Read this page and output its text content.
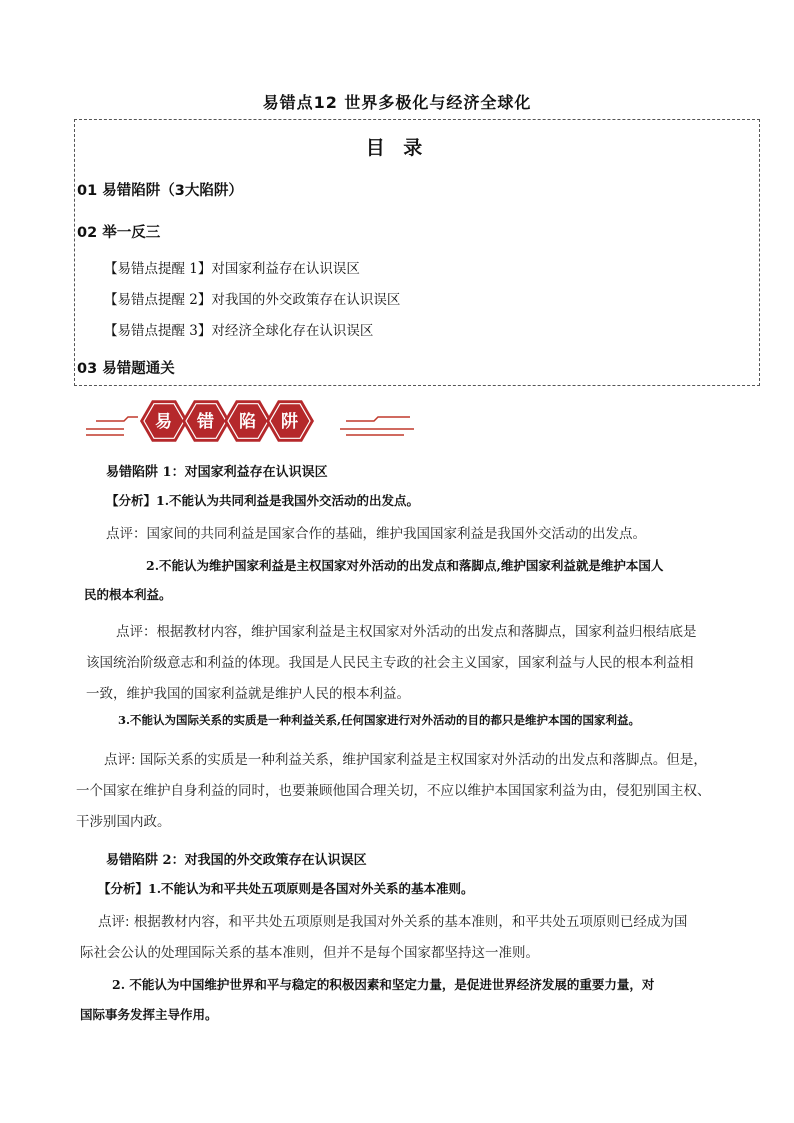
易错点12 世界多极化与经济全球化
目 录
01 易错陷阱（3大陷阱）
02 举一反三
【易错点提醒 1】对国家利益存在认识误区
【易错点提醒 2】对我国的外交政策存在认识误区
【易错点提醒 3】对经济全球化存在认识误区
03 易错题通关
易 错 陷 阱
易错陷阱 1：对国家利益存在认识误区
【分析】1.不能认为共同利益是我国外交活动的出发点。
点评：国家间的共同利益是国家合作的基础，维护我国国家利益是我国外交活动的出发点。
2.不能认为维护国家利益是主权国家对外活动的出发点和落脚点,维护国家利益就是维护本国人
民的根本利益。
点评：根据教材内容，维护国家利益是主权国家对外活动的出发点和落脚点，国家利益归根结底是
该国统治阶级意志和利益的体现。我国是人民民主专政的社会主义国家，国家利益与人民的根本利益相
一致，维护我国的国家利益就是维护人民的根本利益。
3.不能认为国际关系的实质是一种利益关系,任何国家进行对外活动的目的都只是维护本国的国家利益。
点评: 国际关系的实质是一种利益关系，维护国家利益是主权国家对外活动的出发点和落脚点。但是，
一个国家在维护自身利益的同时，也要兼顾他国合理关切，不应以维护本国国家利益为由，侵犯别国主权、
干涉别国内政。
易错陷阱 2：对我国的外交政策存在认识误区
【分析】1.不能认为和平共处五项原则是各国对外关系的基本准则。
点评: 根据教材内容，和平共处五项原则是我国对外关系的基本准则，和平共处五项原则已经成为国
际社会公认的处理国际关系的基本准则，但并不是每个国家都坚持这一准则。
2. 不能认为中国维护世界和平与稳定的积极因素和坚定力量，是促进世界经济发展的重要力量，对
国际事务发挥主导作用。
